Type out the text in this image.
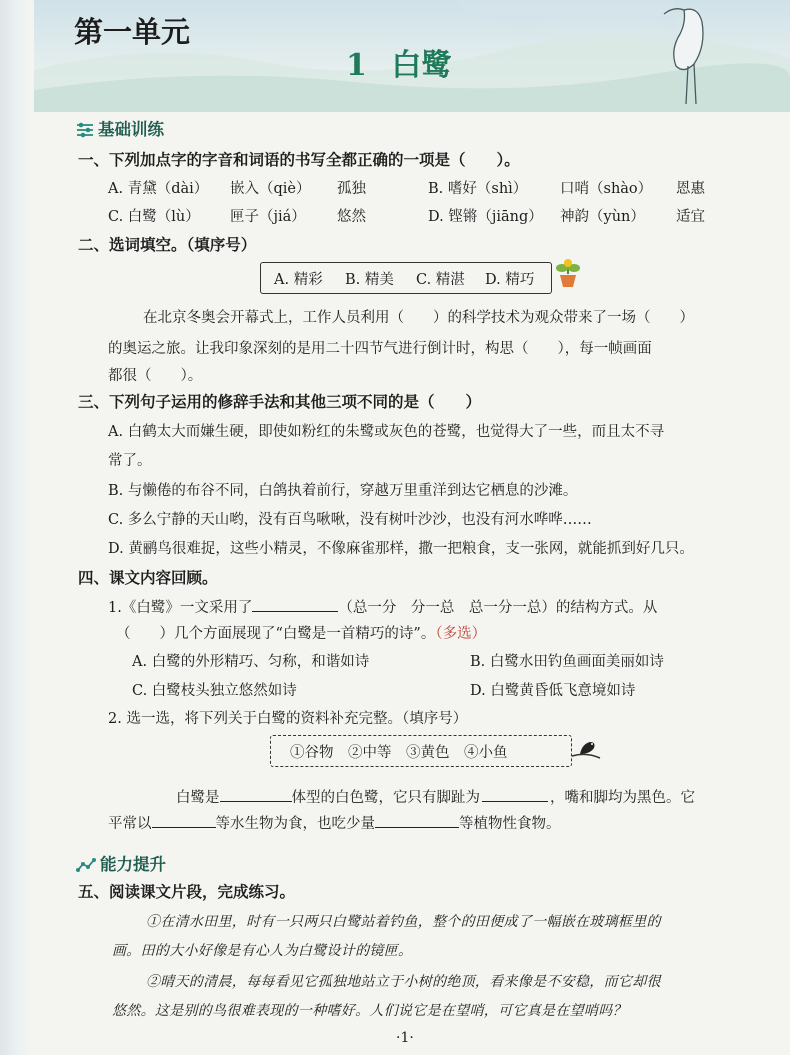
第一单元
1 白鹭
基础训练
一、下列加点字的字音和词语的书写全都正确的一项是（　　）。
A. 青黛（dài） 嵌入（qiè） 孤独	B. 嗜好（shì） 口哨（shào） 恩惠
C. 白鹭（lù） 匣子（jiá） 悠然	D. 铿锵（jiāng） 神韵（yùn） 适宜
二、选词填空。（填序号）
A. 精彩 B. 精美 C. 精湛 D. 精巧
在北京冬奥会开幕式上，工作人员利用（　　）的科学技术为观众带来了一场（　　）
的奥运之旅。让我印象深刻的是用二十四节气进行倒计时，构思（　　），每一帧画面
都很（　　）。
三、下列句子运用的修辞手法和其他三项不同的是（　　）
A. 白鹤太大而嫌生硬，即使如粉红的朱鹭或灰色的苍鹭，也觉得大了一些，而且太不寻
常了。
B. 与懒倦的布谷不同，白鸽执着前行，穿越万里重洋到达它栖息的沙滩。
C. 多么宁静的天山哟，没有百鸟啾啾，没有树叶沙沙，也没有河水哗哗……
D. 黄鹂鸟很难捉，这些小精灵，不像麻雀那样，撒一把粮食，支一张网，就能抓到好几只。
四、课文内容回顾。
1.《白鹭》一文采用了	（总一分　分一总　总一分一总）的结构方式。从
（　　）几个方面展现了“白鹭是一首精巧的诗”。（多选）
A. 白鹭的外形精巧、匀称，和谐如诗	B. 白鹭水田钓鱼画面美丽如诗
C. 白鹭枝头独立悠然如诗	D. 白鹭黄昏低飞意境如诗
2. 选一选，将下列关于白鹭的资料补充完整。（填序号）
①谷物　②中等　③黄色　④小鱼
白鹭是	体型的白色鹭，它只有脚趾为	，嘴和脚均为黑色。它
平常以	等水生物为食，也吃少量	等植物性食物。
能力提升
五、阅读课文片段，完成练习。
①在清水田里，时有一只两只白鹭站着钓鱼，整个的田便成了一幅嵌在玻璃框里的
画。田的大小好像是有心人为白鹭设计的镜匣。
②晴天的清晨，每每看见它孤独地站立于小树的绝顶，看来像是不安稳，而它却很
悠然。这是别的鸟很难表现的一种嗜好。人们说它是在望哨，可它真是在望哨吗？
·1·
